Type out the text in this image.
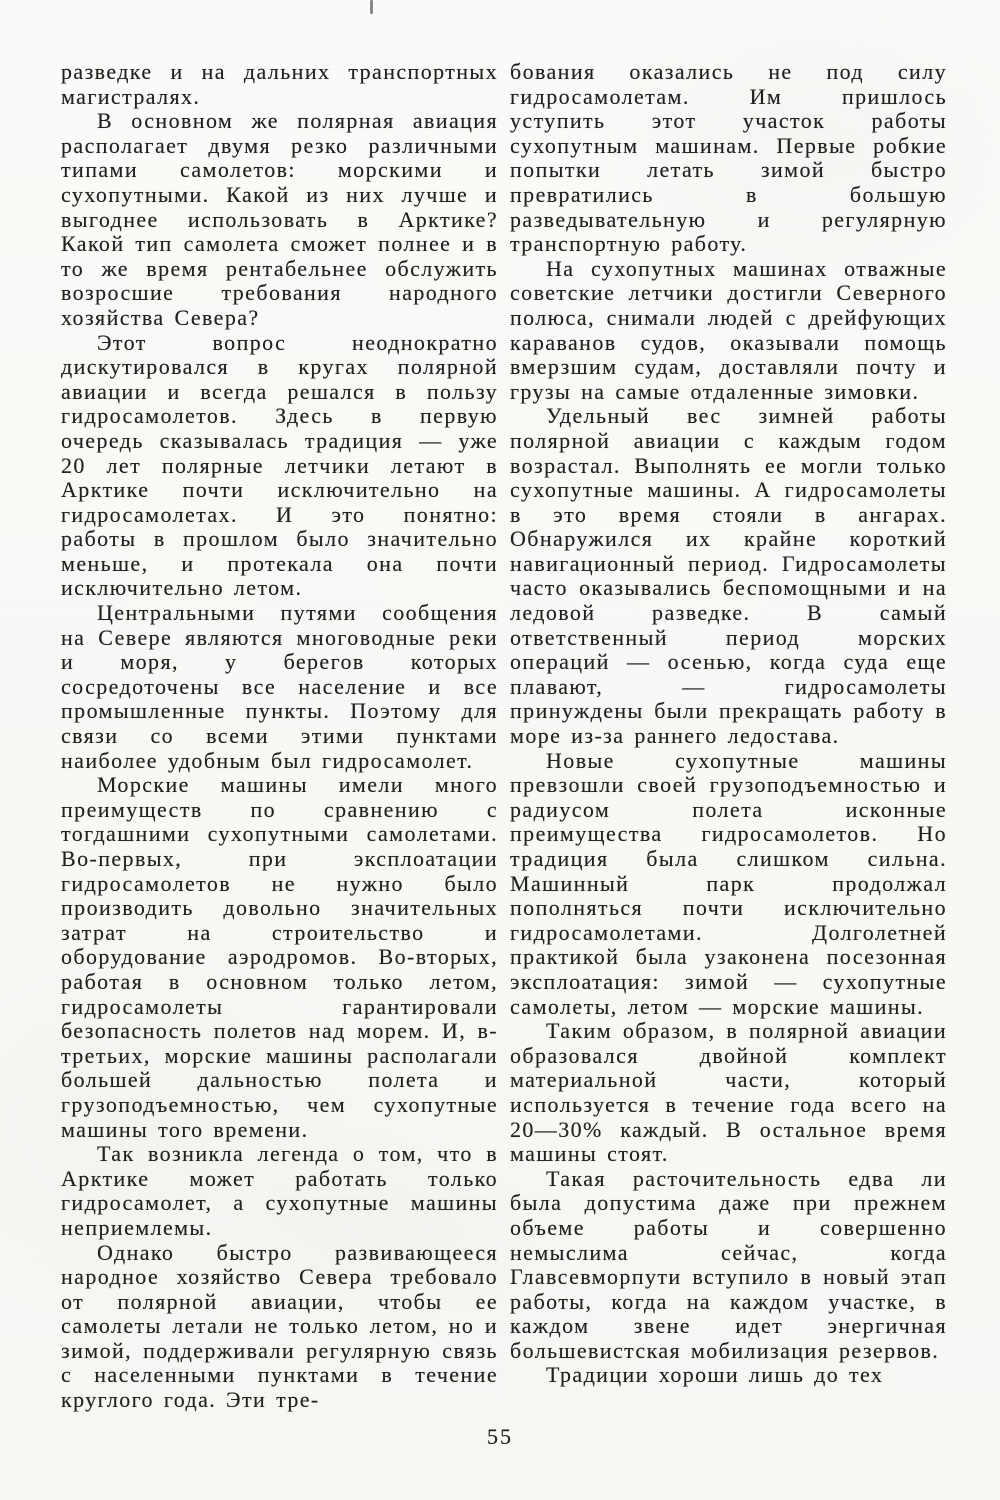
разведке и на дальних транспортных магистралях.

В основном же полярная авиация располагает двумя резко различными типами самолетов: морскими и сухопутными. Какой из них лучше и выгоднее использовать в Арктике? Какой тип самолета сможет полнее и в то же время рентабельнее обслужить возросшие требования народного хозяйства Севера?

Этот вопрос неоднократно дискутировался в кругах полярной авиации и всегда решался в пользу гидросамолетов. Здесь в первую очередь сказывалась традиция — уже 20 лет полярные летчики летают в Арктике почти исключительно на гидросамолетах. И это понятно: работы в прошлом было значительно меньше, и протекала она почти исключительно летом.

Центральными путями сообщения на Севере являются многоводные реки и моря, у берегов которых сосредоточены все население и все промышленные пункты. Поэтому для связи со всеми этими пунктами наиболее удобным был гидросамолет.

Морские машины имели много преимуществ по сравнению с тогдашними сухопутными самолетами. Во-первых, при эксплоатации гидросамолетов не нужно было производить довольно значительных затрат на строительство и оборудование аэродромов. Во-вторых, работая в основном только летом, гидросамолеты гарантировали безопасность полетов над морем. И, в-третьих, морские машины располагали большей дальностью полета и грузоподъемностью, чем сухопутные машины того времени.

Так возникла легенда о том, что в Арктике может работать только гидросамолет, а сухопутные машины неприемлемы.

Однако быстро развивающееся народное хозяйство Севера требовало от полярной авиации, чтобы ее самолеты летали не только летом, но и зимой, поддерживали регулярную связь с населенными пунктами в течение круглого года. Эти тре-

бования оказались не под силу гидросамолетам. Им пришлось уступить этот участок работы сухопутным машинам. Первые робкие попытки летать зимой быстро превратились в большую разведывательную и регулярную транспортную работу.

На сухопутных машинах отважные советские летчики достигли Северного полюса, снимали людей с дрейфующих караванов судов, оказывали помощь вмерзшим судам, доставляли почту и грузы на самые отдаленные зимовки.

Удельный вес зимней работы полярной авиации с каждым годом возрастал. Выполнять ее могли только сухопутные машины. А гидросамолеты в это время стояли в ангарах. Обнаружился их крайне короткий навигационный период. Гидросамолеты часто оказывались беспомощными и на ледовой разведке. В самый ответственный период морских операций — осенью, когда суда еще плавают, — гидросамолеты принуждены были прекращать работу в море из-за раннего ледостава.

Новые сухопутные машины превзошли своей грузоподъемностью и радиусом полета исконные преимущества гидросамолетов. Но традиция была слишком сильна. Машинный парк продолжал пополняться почти исключительно гидросамолетами. Долголетней практикой была узаконена посезонная эксплоатация: зимой — сухопутные самолеты, летом — морские машины.

Таким образом, в полярной авиации образовался двойной комплект материальной части, который используется в течение года всего на 20—30% каждый. В остальное время машины стоят.

Такая расточительность едва ли была допустима даже при прежнем объеме работы и совершенно немыслима сейчас, когда Главсевморпути вступило в новый этап работы, когда на каждом участке, в каждом звене идет энергичная большевистская мобилизация резервов.

Традиции хороши лишь до тех

55
